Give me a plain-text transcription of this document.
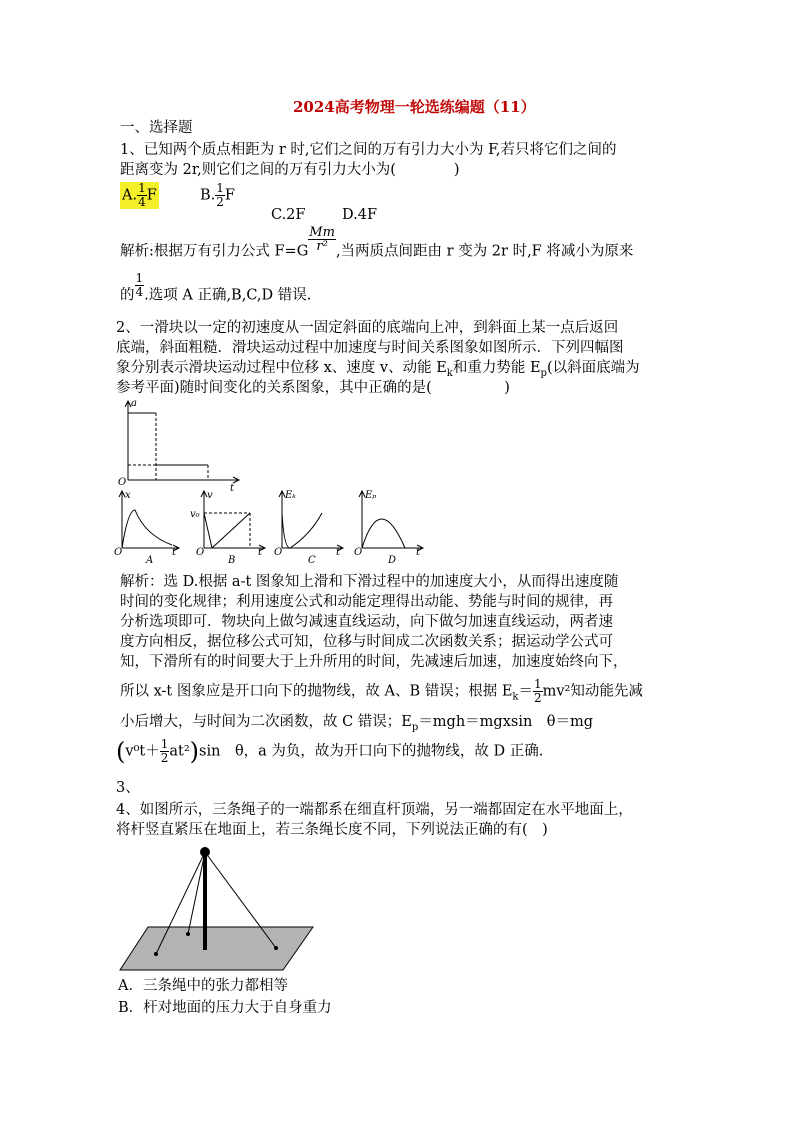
2024高考物理一轮选练编题（11）
一、选择题
1、已知两个质点相距为 r 时,它们之间的万有引力大小为 F,若只将它们之间的
距离变为 2r,则它们之间的万有引力大小为(　　　　)
A. $\frac{1}{4}$ F	B. $\frac{1}{2}$ F
C.2F	D.4F
解析:根据万有引力公式 $F=G \frac{Mm}{\text{r²}}$ ,当两质点间距由 r 变为 2r 时,F 将减小为原来
的 $\frac{1}{4}$ .选项 A 正确,B,C,D 错误.
2、一滑块以一定的初速度从一固定斜面的底端向上冲，到斜面上某一点后返回
底端，斜面粗糙．滑块运动过程中加速度与时间关系图象如图所示．下列四幅图
象分别表示滑块运动过程中位移 x、速度 v、动能 $E_k$和重力势能 $E_p$(以斜面底端为
参考平面)随时间变化的关系图象，其中正确的是(　　　　　)
a
t
O
x
O	t
v
v₀
O	t
Eₖ
O	t
Eₚ
O	t
A	B	C	D
解析：选 D.根据 a-t 图象知上滑和下滑过程中的加速度大小，从而得出速度随
时间的变化规律；利用速度公式和动能定理得出动能、势能与时间的规律，再
分析选项即可．物块向上做匀减速直线运动，向下做匀加速直线运动，两者速
度方向相反，据位移公式可知，位移与时间成二次函数关系；据运动学公式可
知，下滑所有的时间要大于上升所用的时间，先减速后加速，加速度始终向下，
所以 x-t 图象应是开口向下的抛物线，故 A、B 错误；根据 $E_k= \frac{1}{2} mv^2$知动能先减
小后增大，与时间为二次函数，故 C 错误；$E_p=mgh=mgxsin$　θ＝mg
$(v^0t+ \frac{1}{2} at^2)\sin$　θ，a 为负，故为开口向下的抛物线，故 D 正确.
3、
4、如图所示，三条绳子的一端都系在细直杆顶端，另一端都固定在水平地面上，
将杆竖直紧压在地面上，若三条绳长度不同，下列说法正确的有(　)
A．三条绳中的张力都相等
B．杆对地面的压力大于自身重力
